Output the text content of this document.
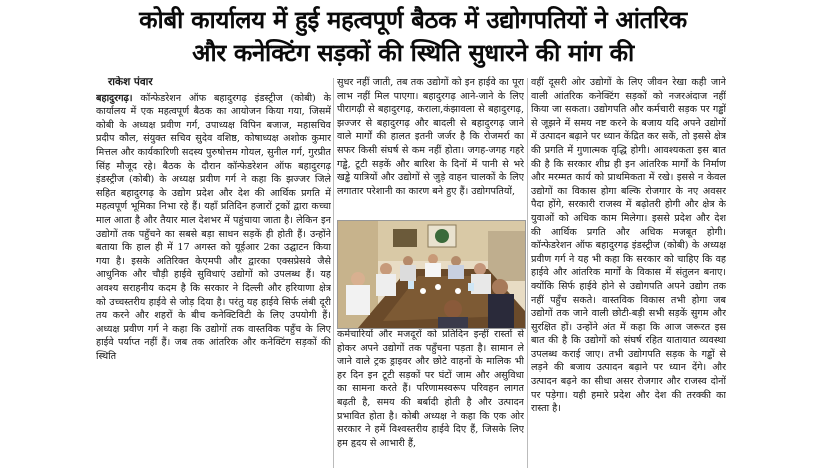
कोबी कार्यालय में हुई महत्वपूर्ण बैठक में उद्योगपतियों ने आंतरिक
और कनेक्टिंग सड़कों की स्थिति सुधारने की मांग की
राकेश पंवार

बहादुरगढ़। कॉन्फेडरेशन ऑफ बहादुरगढ़ इंडस्ट्रीज (कोबी) के कार्यालय में एक महत्वपूर्ण बैठक का आयोजन किया गया, जिसमें कोबी के अध्यक्ष प्रवीण गर्ग, उपाध्यक्ष विपिन बजाज, महासचिव प्रदीप कौल, संयुक्त सचिव सुदेव वशिष्ठ, कोषाध्यक्ष अशोक कुमार मित्तल और कार्यकारिणी सदस्य पुरुषोत्तम गोयल, सुनील गर्ग, गुरप्रीत सिंह मौजूद रहे। बैठक के दौरान कॉन्फेडरेशन ऑफ बहादुरगढ़ इंडस्ट्रीज (कोबी) के अध्यक्ष प्रवीण गर्ग ने कहा कि झज्जर जिले सहित बहादुरगढ़ के उद्योग प्रदेश और देश की आर्थिक प्रगति में महत्वपूर्ण भूमिका निभा रहे हैं। यहाँ प्रतिदिन हजारों ट्रकों द्वारा कच्चा माल आता है और तैयार माल देशभर में पहुंचाया जाता है। लेकिन इन उद्योगों तक पहुँचने का सबसे बड़ा साधन सड़कें ही होती हैं। उन्होंने बताया कि हाल ही में 17 अगस्त को यूईआर 2का उद्घाटन किया गया है। इसके अतिरिक्त केएमपी और द्वारका एक्सप्रेसवे जैसे आधुनिक और चौड़ी हाईवे सुविधाएं उद्योगों को उपलब्ध हैं। यह अवश्य सराहनीय कदम है कि सरकार ने दिल्ली और हरियाणा क्षेत्र को उच्चस्तरीय हाईवे से जोड़ दिया है। परंतु यह हाईवे सिर्फ लंबी दूरी तय करने और शहरों के बीच कनेक्टिविटी के लिए उपयोगी हैं। अध्यक्ष प्रवीण गर्ग ने कहा कि उद्योगों तक वास्तविक पहुँच के लिए हाईवे पर्याप्त नहीं हैं। जब तक आंतरिक और कनेक्टिंग सड़कों की स्थिति

सुधर नहीं जाती, तब तक उद्योगों को इन हाईवे का पूरा लाभ नहीं मिल पाएगा। बहादुरगढ़ आने-जाने के लिए पीरागढ़ी से बहादुरगढ़, कराला,कंझावला से बहादुरगढ़, झज्जर से बहादुरगढ़ और बादली से बहादुरगढ़ जाने वाले मार्गों की हालत इतनी जर्जर है कि रोजमर्रा का सफर किसी संघर्ष से कम नहीं होता। जगह-जगह गहरे गड्ढे, टूटी सड़कें और बारिश के दिनों में पानी से भरे खड्ढे यात्रियों और उद्योगों से जुड़े वाहन चालकों के लिए लगातार परेशानी का कारण बने हुए हैं। उद्योगपतियों,

कर्मचारियों और मजदूरों को प्रतिदिन इन्हीं रास्तों से होकर अपने उद्योगों तक पहुँचना पड़ता है। सामान ले जाने वाले ट्रक ड्राइवर और छोटे वाहनों के मालिक भी हर दिन इन टूटी सड़कों पर घंटों जाम और असुविधा का सामना करते हैं। परिणामस्वरूप परिवहन लागत बढ़ती है, समय की बर्बादी होती है और उत्पादन प्रभावित होता है। कोबी अध्यक्ष ने कहा कि एक ओर सरकार ने हमें विश्वस्तरीय हाईवे दिए हैं, जिसके लिए हम हृदय से आभारी हैं,

वहीं दूसरी ओर उद्योगों के लिए जीवन रेखा कही जाने वाली आंतरिक कनेक्टिंग सड़कों को नजरअंदाज नहीं किया जा सकता। उद्योगपति और कर्मचारी सड़क पर गड्ढों से जूझने में समय नष्ट करने के बजाय यदि अपने उद्योगों में उत्पादन बढ़ाने पर ध्यान केंद्रित कर सकें, तो इससे क्षेत्र की प्रगति में गुणात्मक वृद्धि होगी। आवश्यकता इस बात की है कि सरकार शीघ्र ही इन आंतरिक मार्गों के निर्माण और मरम्मत कार्य को प्राथमिकता में रखे। इससे न केवल उद्योगों का विकास होगा बल्कि रोजगार के नए अवसर पैदा होंगे, सरकारी राजस्व में बढ़ोतरी होगी और क्षेत्र के युवाओं को अधिक काम मिलेगा। इससे प्रदेश और देश की आर्थिक प्रगति और अधिक मजबूत होगी। कॉन्फेडरेशन ऑफ बहादुरगढ़ इंडस्ट्रीज (कोबी) के अध्यक्ष प्रवीण गर्ग ने यह भी कहा कि सरकार को चाहिए कि वह हाईवे और आंतरिक मार्गों के विकास में संतुलन बनाए। क्योंकि सिर्फ हाईवे होने से उद्योगपति अपने उद्योग तक नहीं पहुँच सकते। वास्तविक विकास तभी होगा जब उद्योगों तक जाने वाली छोटी-बड़ी सभी सड़कें सुगम और सुरक्षित हों। उन्होंने अंत में कहा कि आज जरूरत इस बात की है कि उद्योगों को संघर्ष रहित यातायात व्यवस्था उपलब्ध कराई जाए। तभी उद्योगपति सड़क के गड्ढों से लड़ने की बजाय उत्पादन बढ़ाने पर ध्यान देंगे। और उत्पादन बढ़ने का सीधा असर रोजगार और राजस्व दोनों पर पड़ेगा। यही हमारे प्रदेश और देश की तरक्की का रास्ता है।
